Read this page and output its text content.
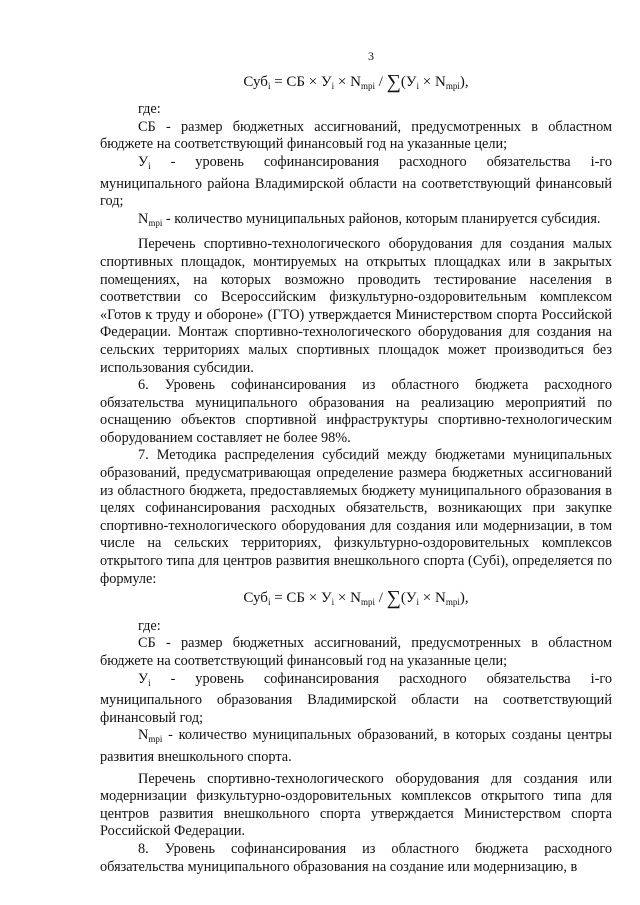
3
Суб$_i$ = СБ × $У_i \times N_{mpi} / \sum(У_i \times N_{mpi})$,

где:

СБ - размер бюджетных ассигнований, предусмотренных в областном бюджете на соответствующий финансовый год на указанные цели;

$У_i$ - уровень софинансирования расходного обязательства i-го муниципального района Владимирской области на соответствующий финансовый год;

$N_{mpi}$ - количество муниципальных районов, которым планируется субсидия.

Перечень спортивно-технологического оборудования для создания малых спортивных площадок, монтируемых на открытых площадках или в закрытых помещениях, на которых возможно проводить тестирование населения в соответствии со Всероссийским физкультурно-оздоровительным комплексом «Готов к труду и обороне» (ГТО) утверждается Министерством спорта Российской Федерации. Монтаж спортивно-технологического оборудования для создания на сельских территориях малых спортивных площадок может производиться без использования субсидии.

6. Уровень софинансирования из областного бюджета расходного обязательства муниципального образования на реализацию мероприятий по оснащению объектов спортивной инфраструктуры спортивно-технологическим оборудованием составляет не более 98%.

7. Методика распределения субсидий между бюджетами муниципальных образований, предусматривающая определение размера бюджетных ассигнований из областного бюджета, предоставляемых бюджету муниципального образования в целях софинансирования расходных обязательств, возникающих при закупке спортивно-технологического оборудования для создания или модернизации, в том числе на сельских территориях, физкультурно-оздоровительных комплексов открытого типа для центров развития внешкольного спорта (Субі), определяется по формуле:

Суб$_i$ = СБ × $У_i \times N_{mpi} / \sum(У_i \times N_{mpi})$,

где:

СБ - размер бюджетных ассигнований, предусмотренных в областном бюджете на соответствующий финансовый год на указанные цели;

$У_i$ - уровень софинансирования расходного обязательства i-го муниципального образования Владимирской области на соответствующий финансовый год;

$N_{mpi}$ - количество муниципальных образований, в которых созданы центры развития внешкольного спорта.

Перечень спортивно-технологического оборудования для создания или модернизации физкультурно-оздоровительных комплексов открытого типа для центров развития внешкольного спорта утверждается Министерством спорта Российской Федерации.

8. Уровень софинансирования из областного бюджета расходного обязательства муниципального образования на создание или модернизацию, в
